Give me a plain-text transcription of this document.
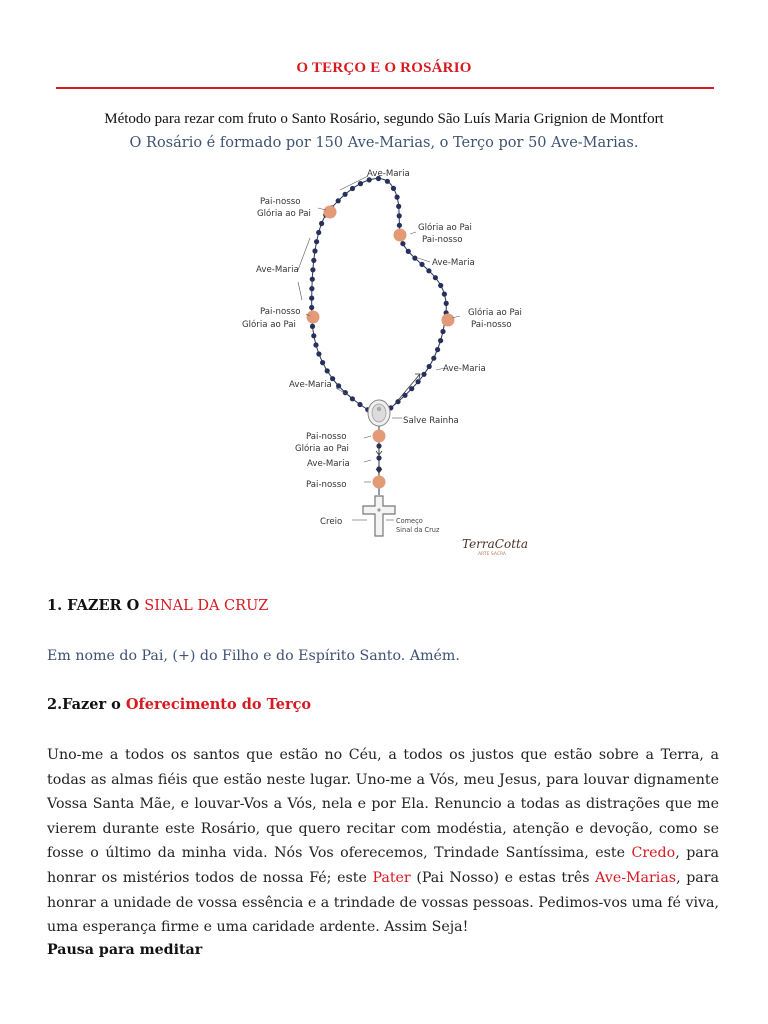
O TERÇO E O ROSÁRIO
Método para rezar com fruto o Santo Rosário, segundo São Luís Maria Grignion de Montfort
O Rosário é formado por 150 Ave-Marias, o Terço por 50 Ave-Marias.
Ave-Maria
Pai-nosso
Glória ao Pai
Glória ao Pai
Pai-nosso
Ave-Maria
Ave-Maria
Pai-nosso
Glória ao Pai
Glória ao Pai
Pai-nosso
Ave-Maria
Ave-Maria
Salve Rainha
Pai-nosso
Glória ao Pai
Ave-Maria
Pai-nosso
Creio	Começo
Sinal da Cruz
TerraCotta
ARTE SACRA
1. FAZER O SINAL DA CRUZ
Em nome do Pai, (+) do Filho e do Espírito Santo. Amém.
2.Fazer o Oferecimento do Terço
Uno-me a todos os santos que estão no Céu, a todos os justos que estão sobre a Terra, a todas as almas fiéis que estão neste lugar. Uno-me a Vós, meu Jesus, para louvar dignamente Vossa Santa Mãe, e louvar-Vos a Vós, nela e por Ela. Renuncio a todas as distrações que me vierem durante este Rosário, que quero recitar com modéstia, atenção e devoção, como se fosse o último da minha vida. Nós Vos oferecemos, Trindade Santíssima, este Credo, para honrar os mistérios todos de nossa Fé; este Pater (Pai Nosso) e estas três Ave-Marias, para honrar a unidade de vossa essência e a trindade de vossas pessoas. Pedimos-vos uma fé viva, uma esperança firme e uma caridade ardente. Assim Seja!
Pausa para meditar
